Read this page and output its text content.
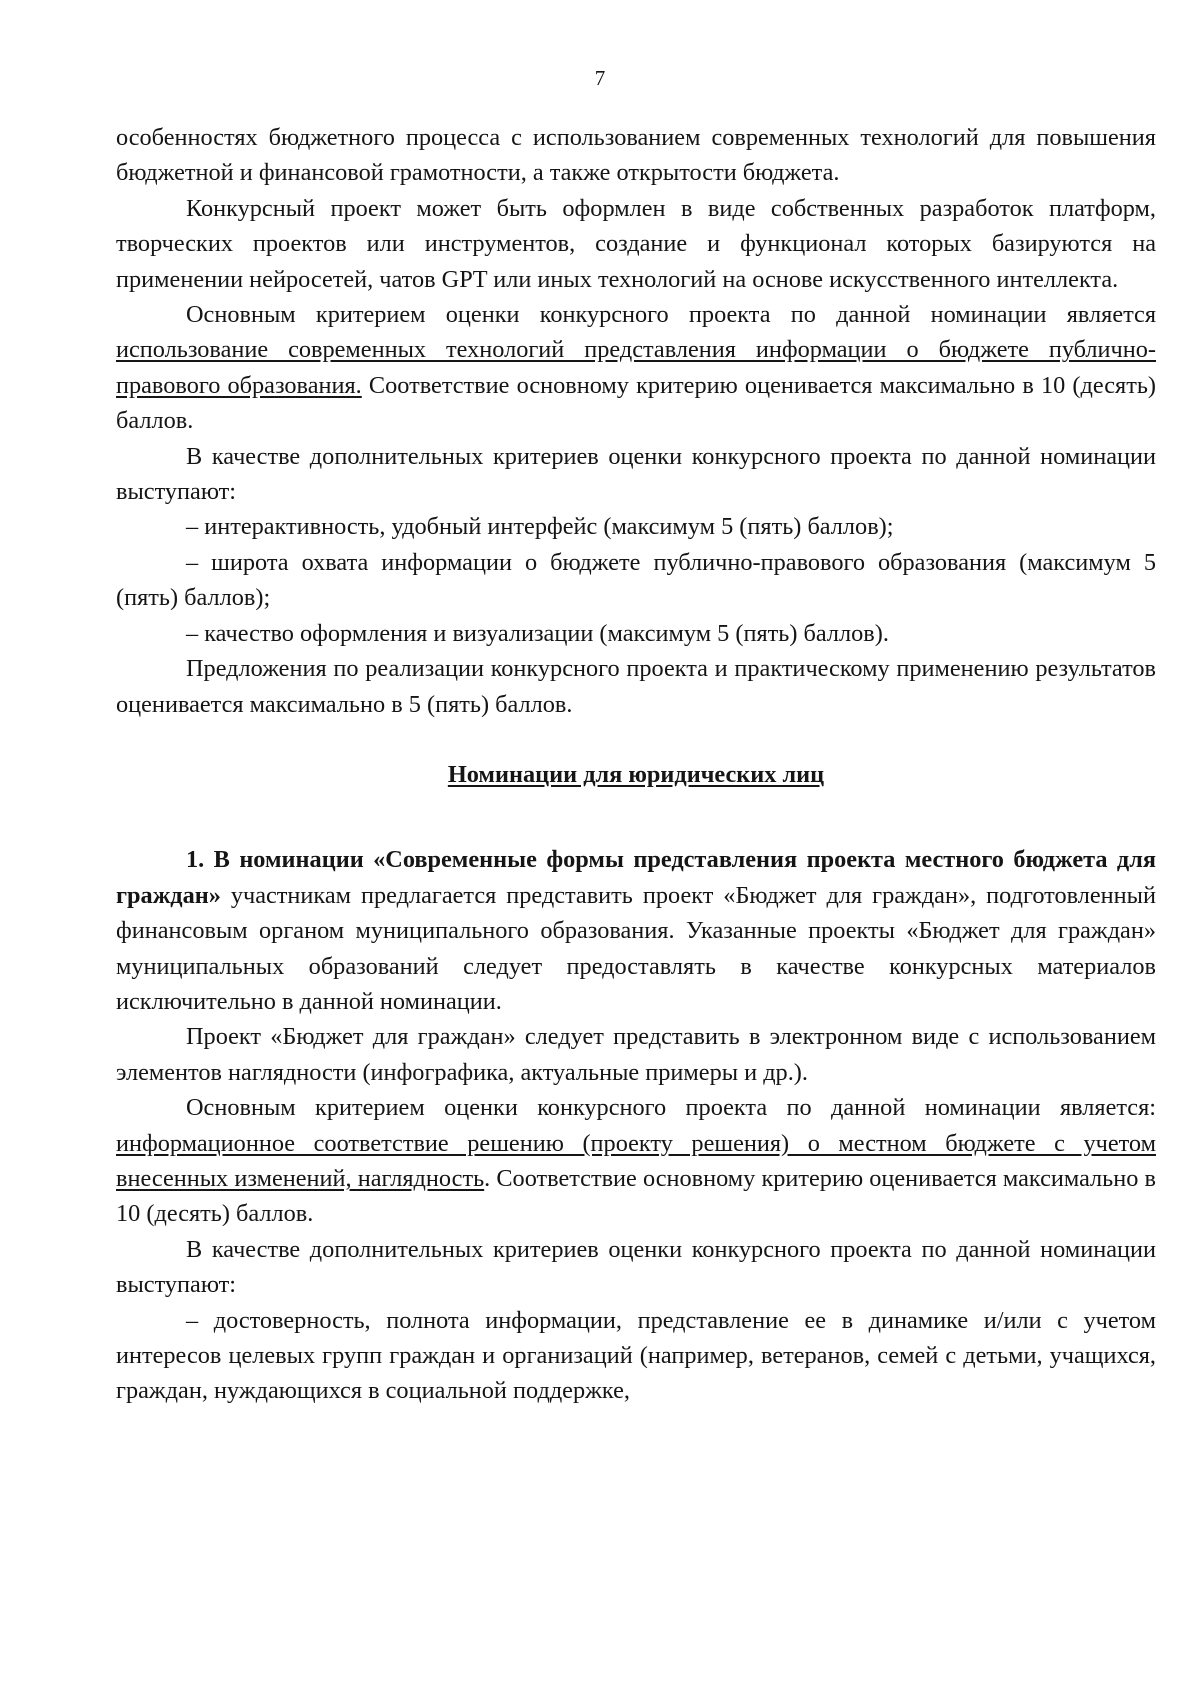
7

особенностях бюджетного процесса с использованием современных технологий для повышения бюджетной и финансовой грамотности, а также открытости бюджета.

Конкурсный проект может быть оформлен в виде собственных разработок платформ, творческих проектов или инструментов, создание и функционал которых базируются на применении нейросетей, чатов GPT или иных технологий на основе искусственного интеллекта.

Основным критерием оценки конкурсного проекта по данной номинации является использование современных технологий представления информации о бюджете публично-правового образования. Соответствие основному критерию оценивается максимально в 10 (десять) баллов.

В качестве дополнительных критериев оценки конкурсного проекта по данной номинации выступают:

– интерактивность, удобный интерфейс (максимум 5 (пять) баллов);

– широта охвата информации о бюджете публично-правового образования (максимум 5 (пять) баллов);

– качество оформления и визуализации (максимум 5 (пять) баллов).

Предложения по реализации конкурсного проекта и практическому применению результатов оценивается максимально в 5 (пять) баллов.

Номинации для юридических лиц

1. В номинации «Современные формы представления проекта местного бюджета для граждан» участникам предлагается представить проект «Бюджет для граждан», подготовленный финансовым органом муниципального образования. Указанные проекты «Бюджет для граждан» муниципальных образований следует предоставлять в качестве конкурсных материалов исключительно в данной номинации.

Проект «Бюджет для граждан» следует представить в электронном виде с использованием элементов наглядности (инфографика, актуальные примеры и др.).

Основным критерием оценки конкурсного проекта по данной номинации является: информационное соответствие решению (проекту решения) о местном бюджете с учетом внесенных изменений, наглядность. Соответствие основному критерию оценивается максимально в 10 (десять) баллов.

В качестве дополнительных критериев оценки конкурсного проекта по данной номинации выступают:

– достоверность, полнота информации, представление ее в динамике и/или с учетом интересов целевых групп граждан и организаций (например, ветеранов, семей с детьми, учащихся, граждан, нуждающихся в социальной поддержке,
